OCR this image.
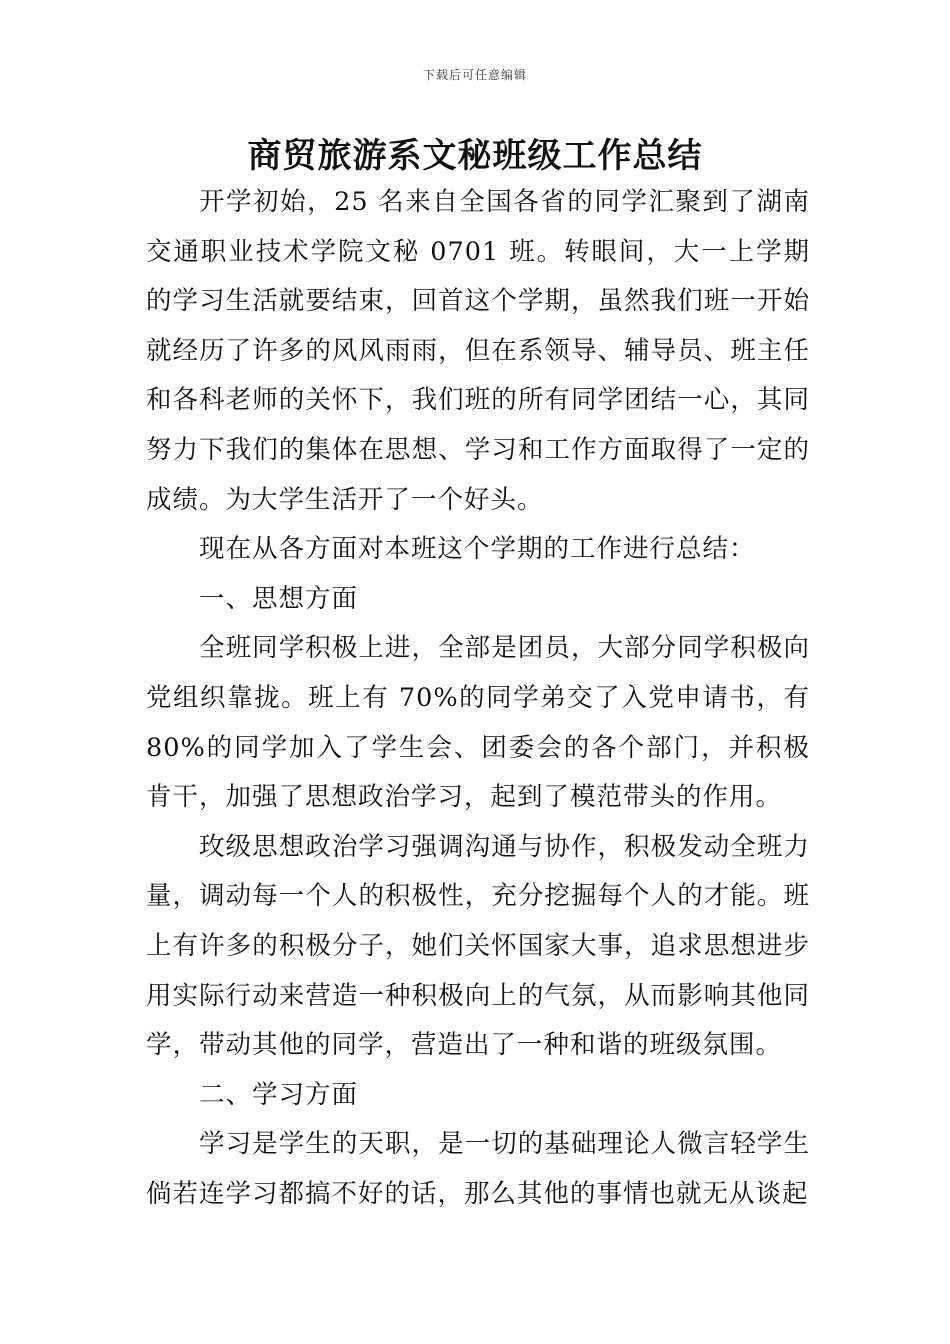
下载后可任意编辑
商贸旅游系文秘班级工作总结

开学初始，25 名来自全国各省的同学汇聚到了湖南交通职业技术学院文秘 0701 班。转眼间，大一上学期的学习生活就要结束，回首这个学期，虽然我们班一开始就经历了许多的风风雨雨，但在系领导、辅导员、班主任和各科老师的关怀下，我们班的所有同学团结一心，其同努力下我们的集体在思想、学习和工作方面取得了一定的成绩。为大学生活开了一个好头。

现在从各方面对本班这个学期的工作进行总结：

一、思想方面

全班同学积极上进，全部是团员，大部分同学积极向党组织靠拢。班上有 70%的同学弟交了入党申请书，有 80%的同学加入了学生会、团委会的各个部门，并积极肯干，加强了思想政治学习，起到了模范带头的作用。

玫级思想政治学习强调沟通与协作，积极发动全班力量，调动每一个人的积极性，充分挖掘每个人的才能。班上有许多的积极分子，她们关怀国家大事，追求思想进步用实际行动来营造一种积极向上的气氛，从而影响其他同学，带动其他的同学，营造出了一种和谐的班级氛围。

二、学习方面

学习是学生的天职，是一切的基础理论人微言轻学生倘若连学习都搞不好的话，那么其他的事情也就无从谈起
